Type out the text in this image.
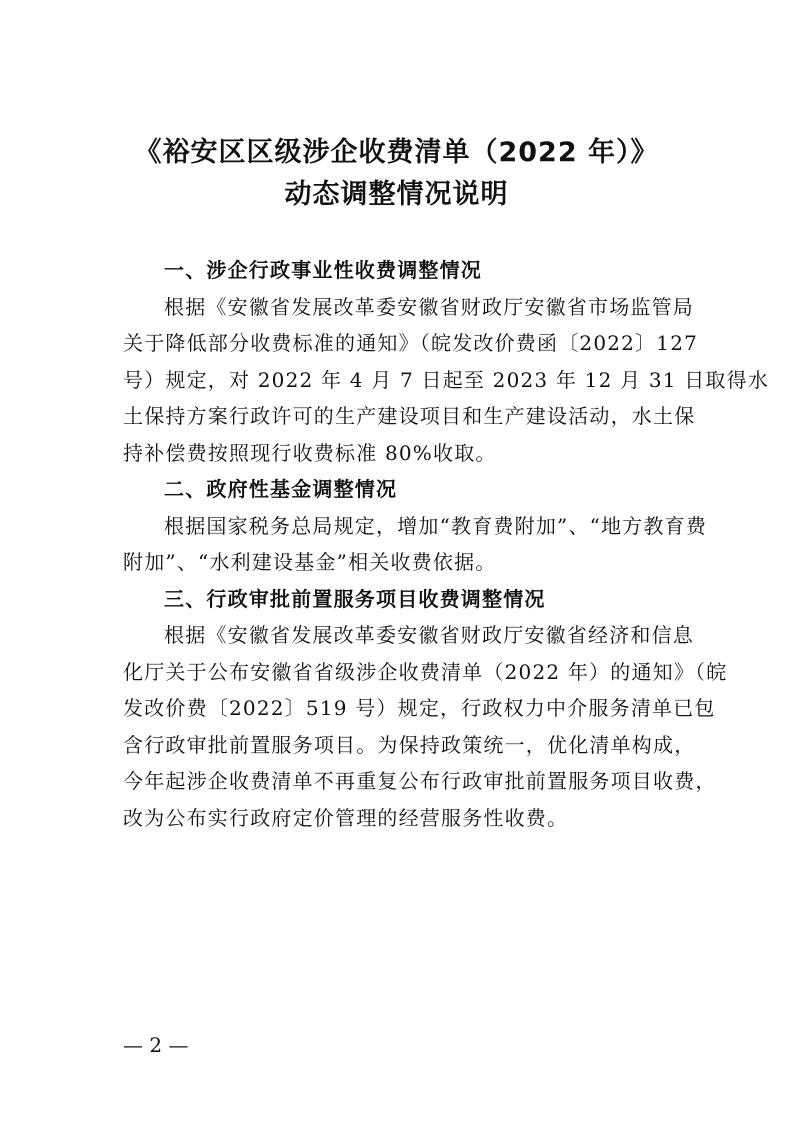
《裕安区区级涉企收费清单（2022 年）》
动态调整情况说明

一、涉企行政事业性收费调整情况

根据《安徽省发展改革委安徽省财政厅安徽省市场监管局
关于降低部分收费标准的通知》（皖发改价费函〔2022〕127
号）规定，对 2022 年 4 月 7 日起至 2023 年 12 月 31 日取得水
土保持方案行政许可的生产建设项目和生产建设活动，水土保
持补偿费按照现行收费标准 80%收取。

二、政府性基金调整情况

根据国家税务总局规定，增加“教育费附加”、“地方教育费
附加”、“水利建设基金”相关收费依据。

三、行政审批前置服务项目收费调整情况

根据《安徽省发展改革委安徽省财政厅安徽省经济和信息
化厅关于公布安徽省省级涉企收费清单（2022 年）的通知》（皖
发改价费〔2022〕519 号）规定，行政权力中介服务清单已包
含行政审批前置服务项目。为保持政策统一，优化清单构成，
今年起涉企收费清单不再重复公布行政审批前置服务项目收费，
改为公布实行政府定价管理的经营服务性收费。

— 2 —
